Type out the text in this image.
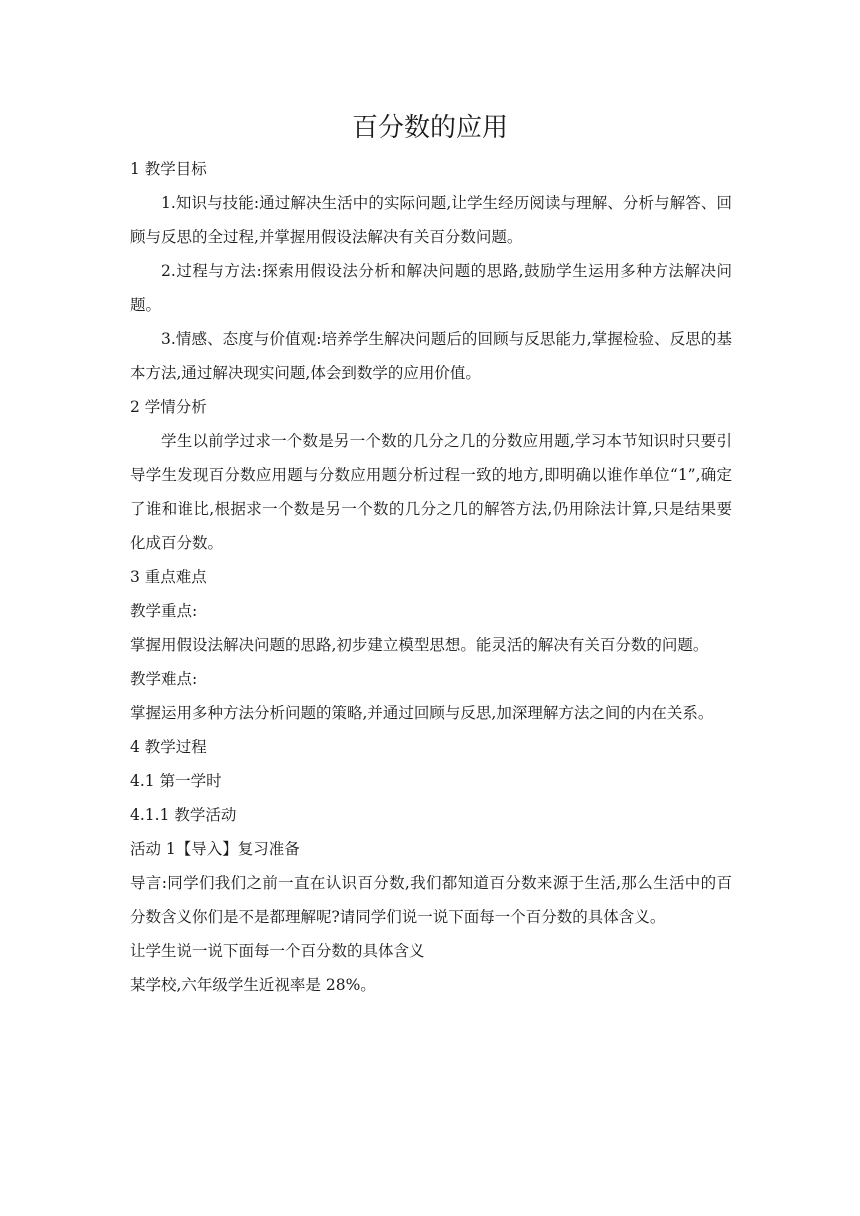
百分数的应用

1 教学目标

1.知识与技能:通过解决生活中的实际问题,让学生经历阅读与理解、分析与解答、回顾与反思的全过程,并掌握用假设法解决有关百分数问题。

2.过程与方法:探索用假设法分析和解决问题的思路,鼓励学生运用多种方法解决问题。

3.情感、态度与价值观:培养学生解决问题后的回顾与反思能力,掌握检验、反思的基本方法,通过解决现实问题,体会到数学的应用价值。

2 学情分析

学生以前学过求一个数是另一个数的几分之几的分数应用题,学习本节知识时只要引导学生发现百分数应用题与分数应用题分析过程一致的地方,即明确以谁作单位“1”,确定了谁和谁比,根据求一个数是另一个数的几分之几的解答方法,仍用除法计算,只是结果要化成百分数。

3 重点难点

教学重点:

掌握用假设法解决问题的思路,初步建立模型思想。能灵活的解决有关百分数的问题。

教学难点:

掌握运用多种方法分析问题的策略,并通过回顾与反思,加深理解方法之间的内在关系。

4 教学过程

4.1 第一学时

4.1.1 教学活动

活动 1【导入】复习准备

导言:同学们我们之前一直在认识百分数,我们都知道百分数来源于生活,那么生活中的百分数含义你们是不是都理解呢?请同学们说一说下面每一个百分数的具体含义。

让学生说一说下面每一个百分数的具体含义

某学校,六年级学生近视率是 28%。
